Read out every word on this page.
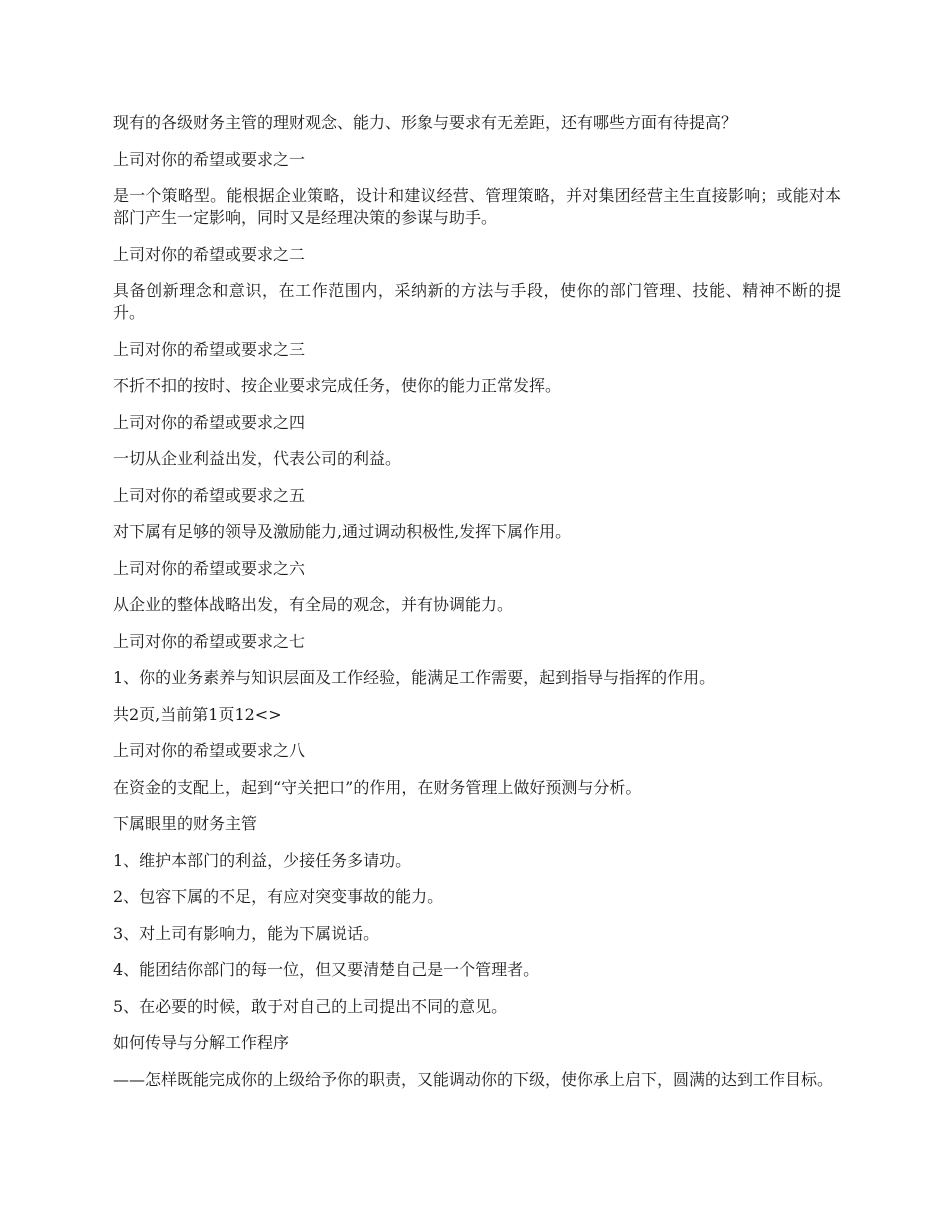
现有的各级财务主管的理财观念、能力、形象与要求有无差距，还有哪些方面有待提高？

上司对你的希望或要求之一

是一个策略型。能根据企业策略，设计和建议经营、管理策略，并对集团经营主生直接影响；或能对本部门产生一定影响，同时又是经理决策的参谋与助手。

上司对你的希望或要求之二

具备创新理念和意识，在工作范围内，采纳新的方法与手段，使你的部门管理、技能、精神不断的提升。

上司对你的希望或要求之三

不折不扣的按时、按企业要求完成任务，使你的能力正常发挥。

上司对你的希望或要求之四

一切从企业利益出发，代表公司的利益。

上司对你的希望或要求之五

对下属有足够的领导及激励能力,通过调动积极性,发挥下属作用。

上司对你的希望或要求之六

从企业的整体战略出发，有全局的观念，并有协调能力。

上司对你的希望或要求之七

1、你的业务素养与知识层面及工作经验，能满足工作需要，起到指导与指挥的作用。

共2页,当前第1页12<>

上司对你的希望或要求之八

在资金的支配上，起到“守关把口”的作用，在财务管理上做好预测与分析。

下属眼里的财务主管

1、维护本部门的利益，少接任务多请功。

2、包容下属的不足，有应对突变事故的能力。

3、对上司有影响力，能为下属说话。

4、能团结你部门的每一位，但又要清楚自己是一个管理者。

5、在必要的时候，敢于对自己的上司提出不同的意见。

如何传导与分解工作程序

——怎样既能完成你的上级给予你的职责，又能调动你的下级，使你承上启下，圆满的达到工作目标。
